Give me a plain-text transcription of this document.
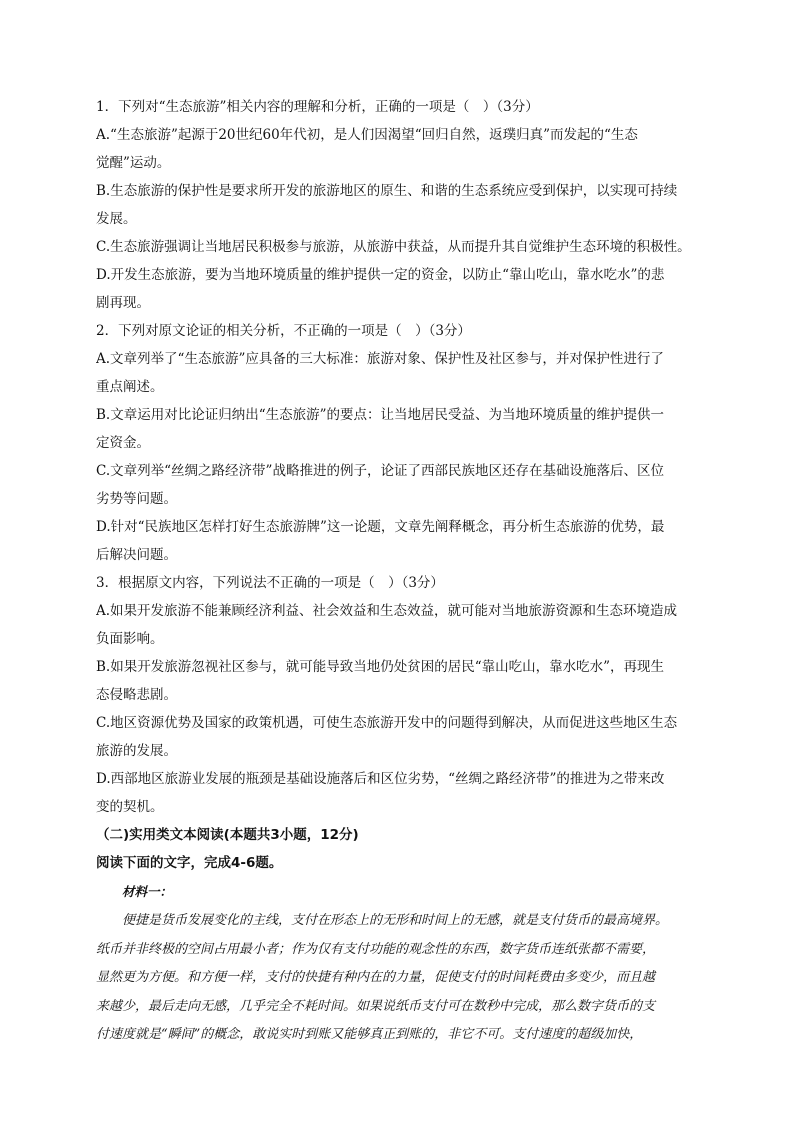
1．下列对“生态旅游”相关内容的理解和分析，正确的一项是（　）（3分）
A.“生态旅游”起源于20世纪60年代初，是人们因渴望“回归自然，返璞归真”而发起的“生态
觉醒”运动。
B.生态旅游的保护性是要求所开发的旅游地区的原生、和谐的生态系统应受到保护，以实现可持续
发展。
C.生态旅游强调让当地居民积极参与旅游，从旅游中获益，从而提升其自觉维护生态环境的积极性。
D.开发生态旅游，要为当地环境质量的维护提供一定的资金，以防止“靠山吃山，靠水吃水”的悲
剧再现。
2．下列对原文论证的相关分析，不正确的一项是（　）（3分）
A.文章列举了“生态旅游”应具备的三大标准：旅游对象、保护性及社区参与，并对保护性进行了
重点阐述。
B.文章运用对比论证归纳出“生态旅游”的要点：让当地居民受益、为当地环境质量的维护提供一
定资金。
C.文章列举“丝绸之路经济带”战略推进的例子，论证了西部民族地区还存在基础设施落后、区位
劣势等问题。
D.针对“民族地区怎样打好生态旅游牌”这一论题，文章先阐释概念，再分析生态旅游的优势，最
后解决问题。
3．根据原文内容，下列说法不正确的一项是（　）（3分）
A.如果开发旅游不能兼顾经济利益、社会效益和生态效益，就可能对当地旅游资源和生态环境造成
负面影响。
B.如果开发旅游忽视社区参与，就可能导致当地仍处贫困的居民“靠山吃山，靠水吃水”，再现生
态侵略悲剧。
C.地区资源优势及国家的政策机遇，可使生态旅游开发中的问题得到解决，从而促进这些地区生态
旅游的发展。
D.西部地区旅游业发展的瓶颈是基础设施落后和区位劣势，“丝绸之路经济带”的推进为之带来改
变的契机。
（二)实用类文本阅读(本题共3小题，12分)
阅读下面的文字，完成4-6题。
材料一：
便捷是货币发展变化的主线，支付在形态上的无形和时间上的无感，就是支付货币的最高境界。
纸币并非终极的空间占用最小者；作为仅有支付功能的观念性的东西，数字货币连纸张都不需要，
显然更为方便。和方便一样，支付的快捷有种内在的力量，促使支付的时间耗费由多变少，而且越
来越少，最后走向无感，几乎完全不耗时间。如果说纸币支付可在数秒中完成，那么数字货币的支
付速度就是“瞬间”的概念，敢说实时到账又能够真正到账的，非它不可。支付速度的超级加快，
